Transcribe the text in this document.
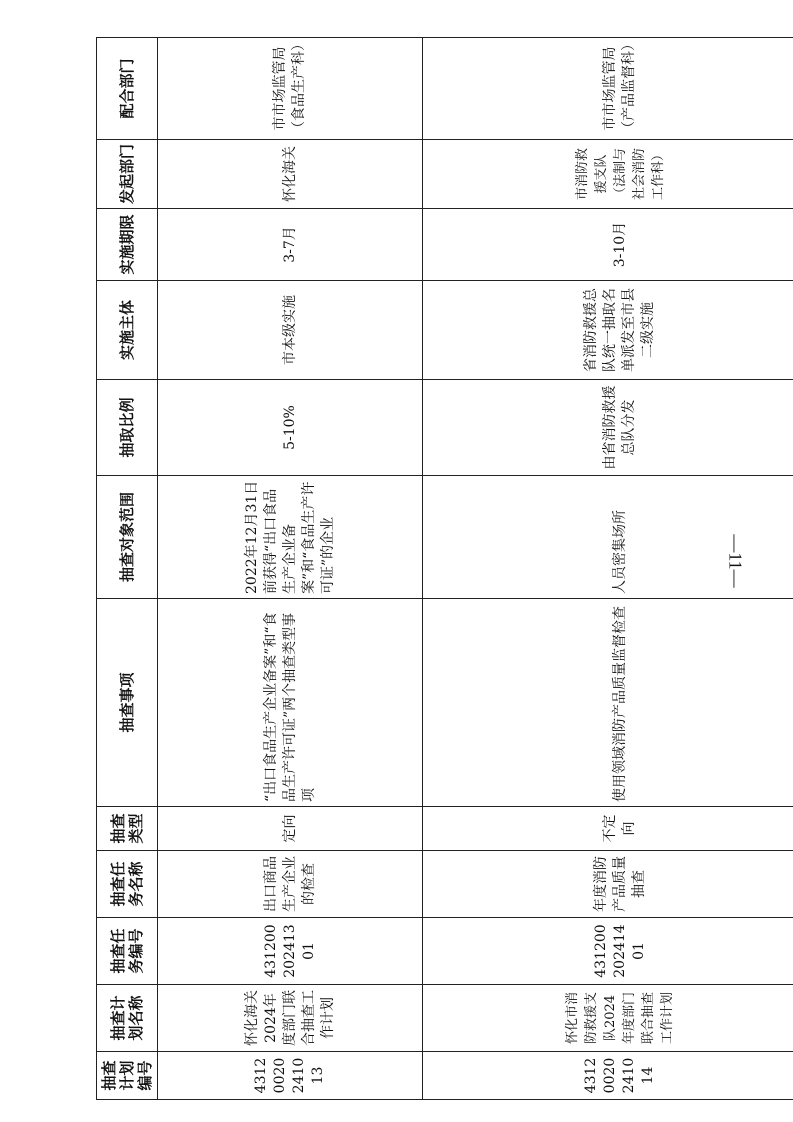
—11—
抽查计划编号	抽查计划名称	抽查任务编号	抽查任务名称	抽查类型	抽查事项	抽查对象范围	抽取比例	实施主体	实施期限	发起部门	配合部门
43120020241013	怀化海关2024年度部门联合抽查工作计划	43120020241301	出口商品生产企业的检查	定向	“出口食品生产企业备案”和“食品生产许可证”两个抽查类型事项	2022年12月31日前获得“出口食品生产企业备案”和“食品生产许可证”的企业	5-10%	市本级实施	3-7月	怀化海关	市市场监管局（食品生产科）
43120020241014	怀化市消防救援支队2024年度部门联合抽查工作计划	43120020241401	年度消防产品质量抽查	不定向	使用领域消防产品质量监督检查	人员密集场所	由省消防救援总队分发	省消防救援总队统一抽取名单派发至市县二级实施	3-10月	市消防救援支队（法制与社会消防工作科）	市市场监管局（产品监督科）
